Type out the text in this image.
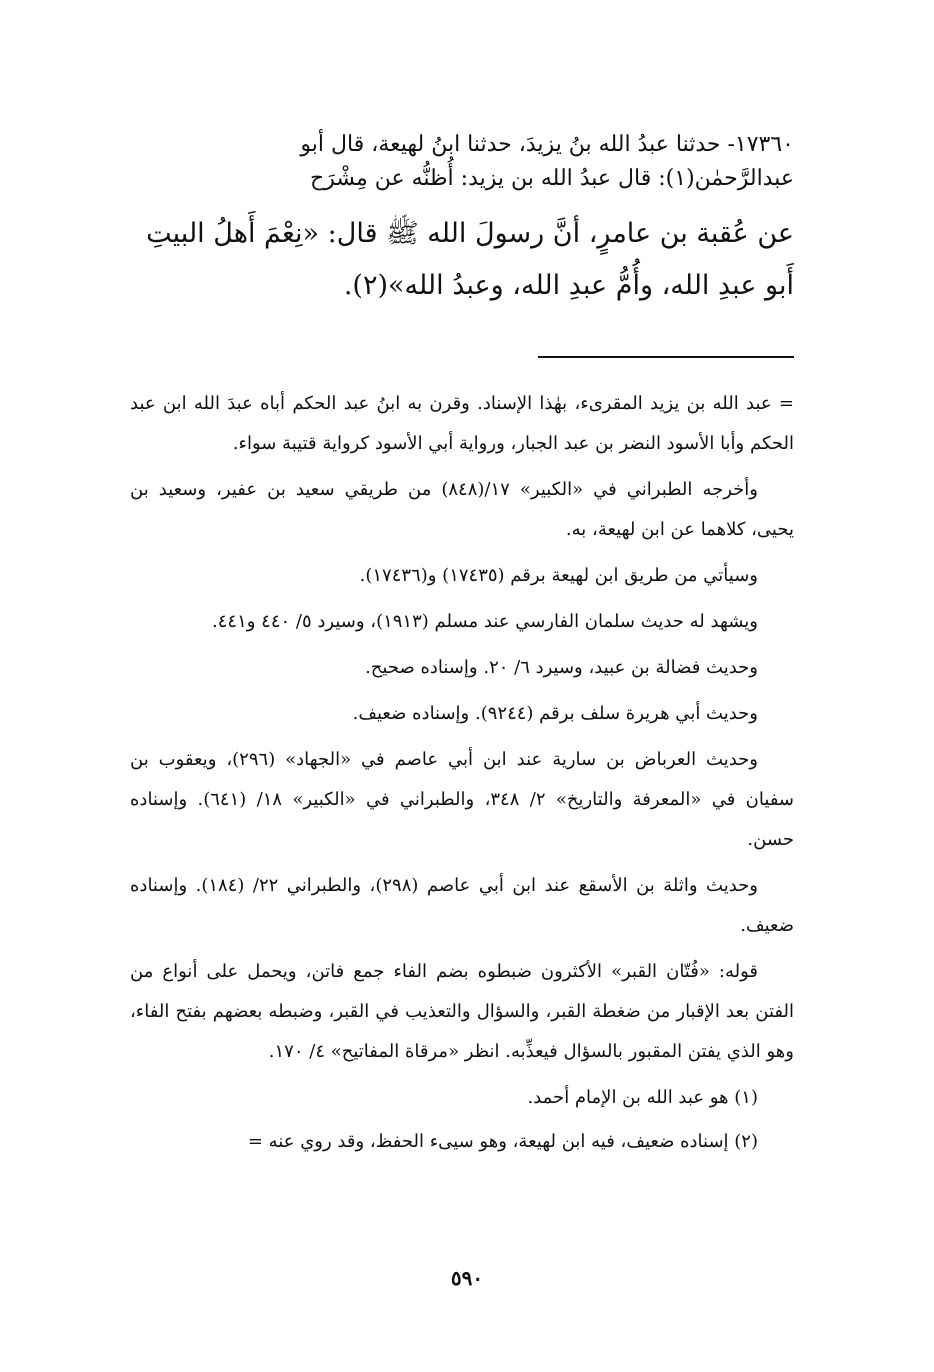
١٧٣٦٠- حدثنا عبدُ الله بنُ يزيدَ، حدثنا ابنُ لهيعة، قال أبو

عبدالرَّحمٰن(١): قال عبدُ الله بن يزيد: أُظنُّه عن مِشْرَح

عن عُقبة بن عامرٍ، أنَّ رسولَ الله ﷺ قال: «نِعْمَ أَهلُ البيتِ

أَبو عبدِ الله، وأُمُّ عبدِ الله، وعبدُ الله»(٢).

= عبد الله بن يزيد المقرىء، بهٰذا الإسناد. وقرن به ابنُ عبد الحكم أباه عبدَ الله ابن عبد الحكم وأبا الأسود النضر بن عبد الجبار، ورواية أبي الأسود كرواية قتيبة سواء.

وأخرجه الطبراني في «الكبير» ١٧/(٨٤٨) من طريقي سعيد بن عفير، وسعيد بن يحيى، كلاهما عن ابن لهيعة، به.

وسيأتي من طريق ابن لهيعة برقم (١٧٤٣٥) و(١٧٤٣٦).

ويشهد له حديث سلمان الفارسي عند مسلم (١٩١٣)، وسيرد ٥/ ٤٤٠ و٤٤١.

وحديث فضالة بن عبيد، وسيرد ٦/ ٢٠. وإسناده صحيح.

وحديث أبي هريرة سلف برقم (٩٢٤٤). وإسناده ضعيف.

وحديث العرباض بن سارية عند ابن أبي عاصم في «الجهاد» (٢٩٦)، ويعقوب بن سفيان في «المعرفة والتاريخ» ٢/ ٣٤٨، والطبراني في «الكبير» ١٨/ (٦٤١). وإسناده حسن.

وحديث واثلة بن الأسقع عند ابن أبي عاصم (٢٩٨)، والطبراني ٢٢/ (١٨٤). وإسناده ضعيف.

قوله: «فُتّان القبر» الأكثرون ضبطوه بضم الفاء جمع فاتن، ويحمل على أنواع من الفتن بعد الإقبار من ضغطة القبر، والسؤال والتعذيب في القبر، وضبطه بعضهم بفتح الفاء، وهو الذي يفتن المقبور بالسؤال فيعذِّبه. انظر «مرقاة المفاتيح» ٤/ ١٧٠.

(١) هو عبد الله بن الإمام أحمد.

(٢) إسناده ضعيف، فيه ابن لهيعة، وهو سيىء الحفظ، وقد روي عنه =

٥٩٠
